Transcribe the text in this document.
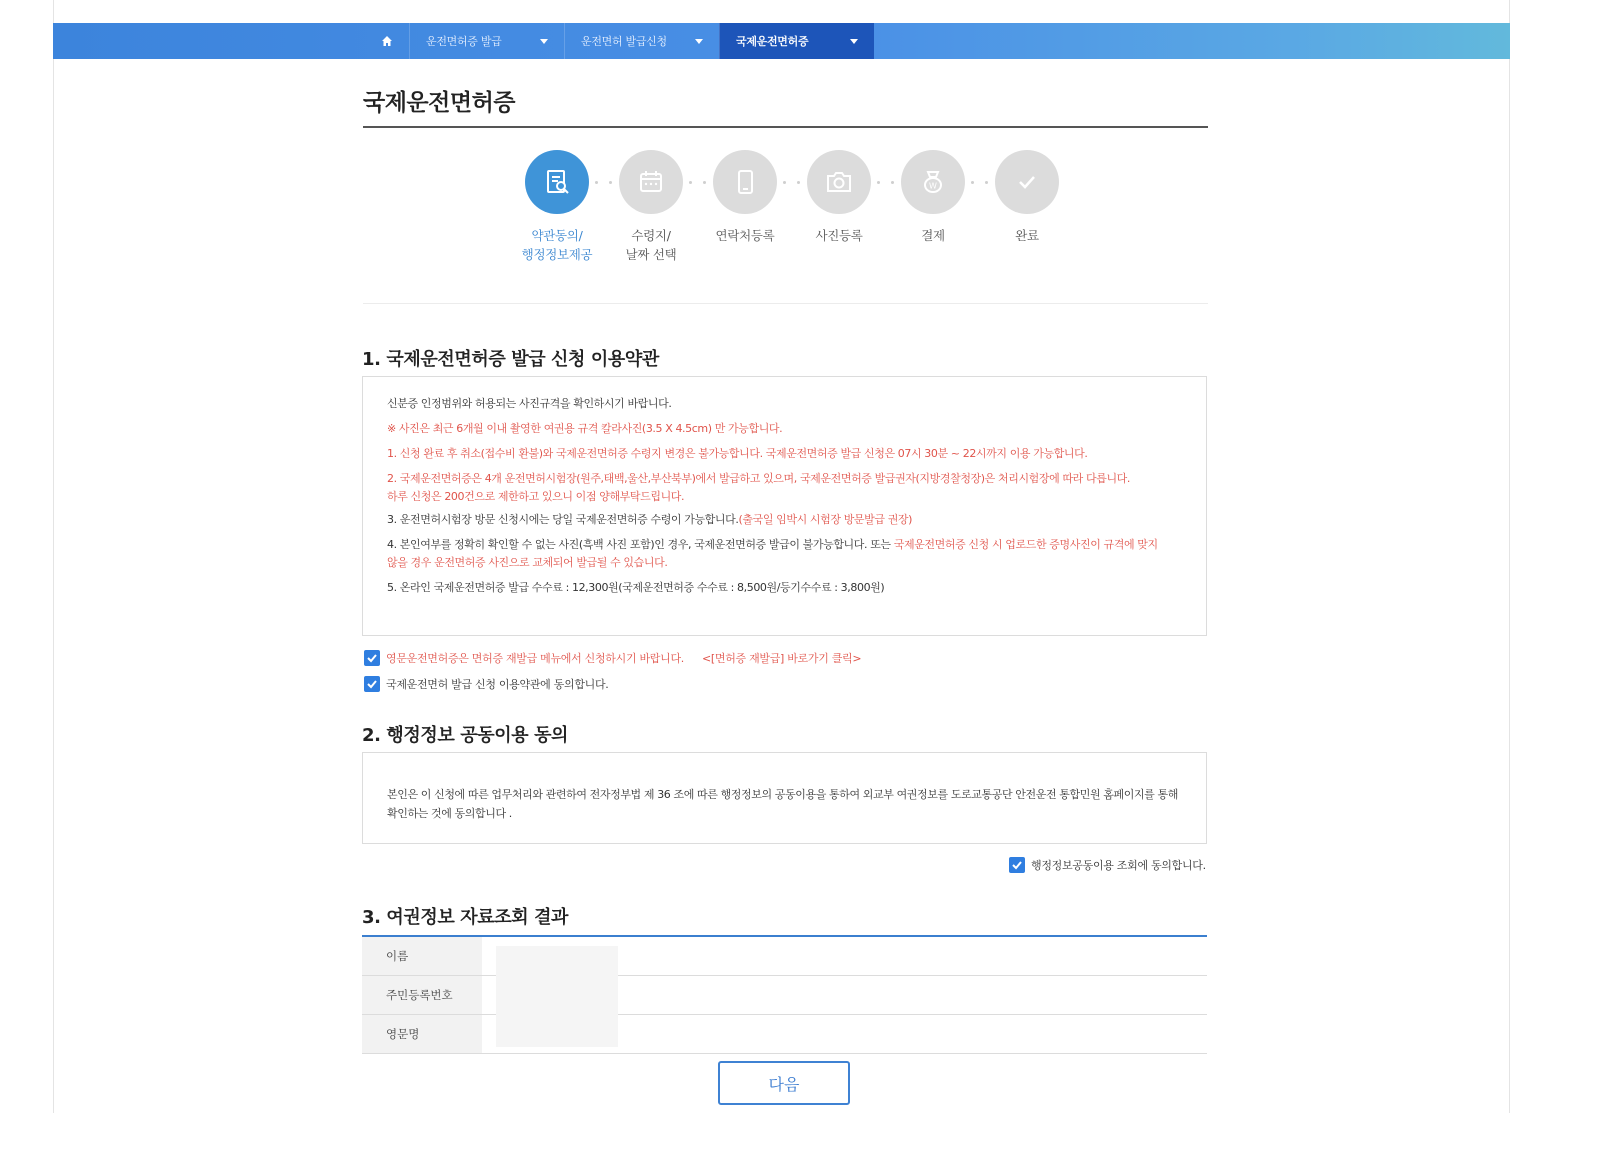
운전면허증 발급	운전면허 발급신청	국제운전면허증
국제운전면허증
약관동의/
행정정보제공
수령지/
날짜 선택
연락처등록	사진등록
W
결제	완료
1. 국제운전면허증 발급 신청 이용약관

신분증 인정범위와 허용되는 사진규격을 확인하시기 바랍니다.

※ 사진은 최근 6개월 이내 촬영한 여권용 규격 칼라사진(3.5 X 4.5cm) 만 가능합니다.

1. 신청 완료 후 취소(접수비 환불)와 국제운전면허증 수령지 변경은 불가능합니다. 국제운전면허증 발급 신청은 07시 30분 ~ 22시까지 이용 가능합니다.

2. 국제운전면허증은 4개 운전면허시험장(원주,태백,울산,부산북부)에서 발급하고 있으며, 국제운전면허증 발급권자(지방경찰청장)은 처리시험장에 따라 다릅니다.
하루 신청은 200건으로 제한하고 있으니 이점 양해부탁드립니다.

3. 운전면허시험장 방문 신청시에는 당일 국제운전면허증 수령이 가능합니다.(출국일 임박시 시험장 방문발급 권장)

4. 본인여부를 정확히 확인할 수 없는 사진(흑백 사진 포함)인 경우, 국제운전면허증 발급이 불가능합니다. 또는 국제운전면허증 신청 시 업로드한 증명사진이 규격에 맞지
않을 경우 운전면허증 사진으로 교체되어 발급될 수 있습니다.

5. 온라인 국제운전면허증 발급 수수료 : 12,300원(국제운전면허증 수수료 : 8,500원/등기수수료 : 3,800원)

영문운전면허증은 면허증 재발급 메뉴에서 신청하시기 바랍니다. <[면허증 재발급] 바로가기 클릭>
국제운전면허 발급 신청 이용약관에 동의합니다.
2. 행정정보 공동이용 동의
본인은 이 신청에 따른 업무처리와 관련하여 전자정부법 제 36 조에 따른 행정정보의 공동이용을 통하여 외교부 여권정보를 도로교통공단 안전운전 통합민원 홈페이지를 통해 확인하는 것에 동의합니다 .
행정정보공동이용 조회에 동의합니다.
3. 여권정보 자료조회 결과
이름
주민등록번호
영문명
다음
